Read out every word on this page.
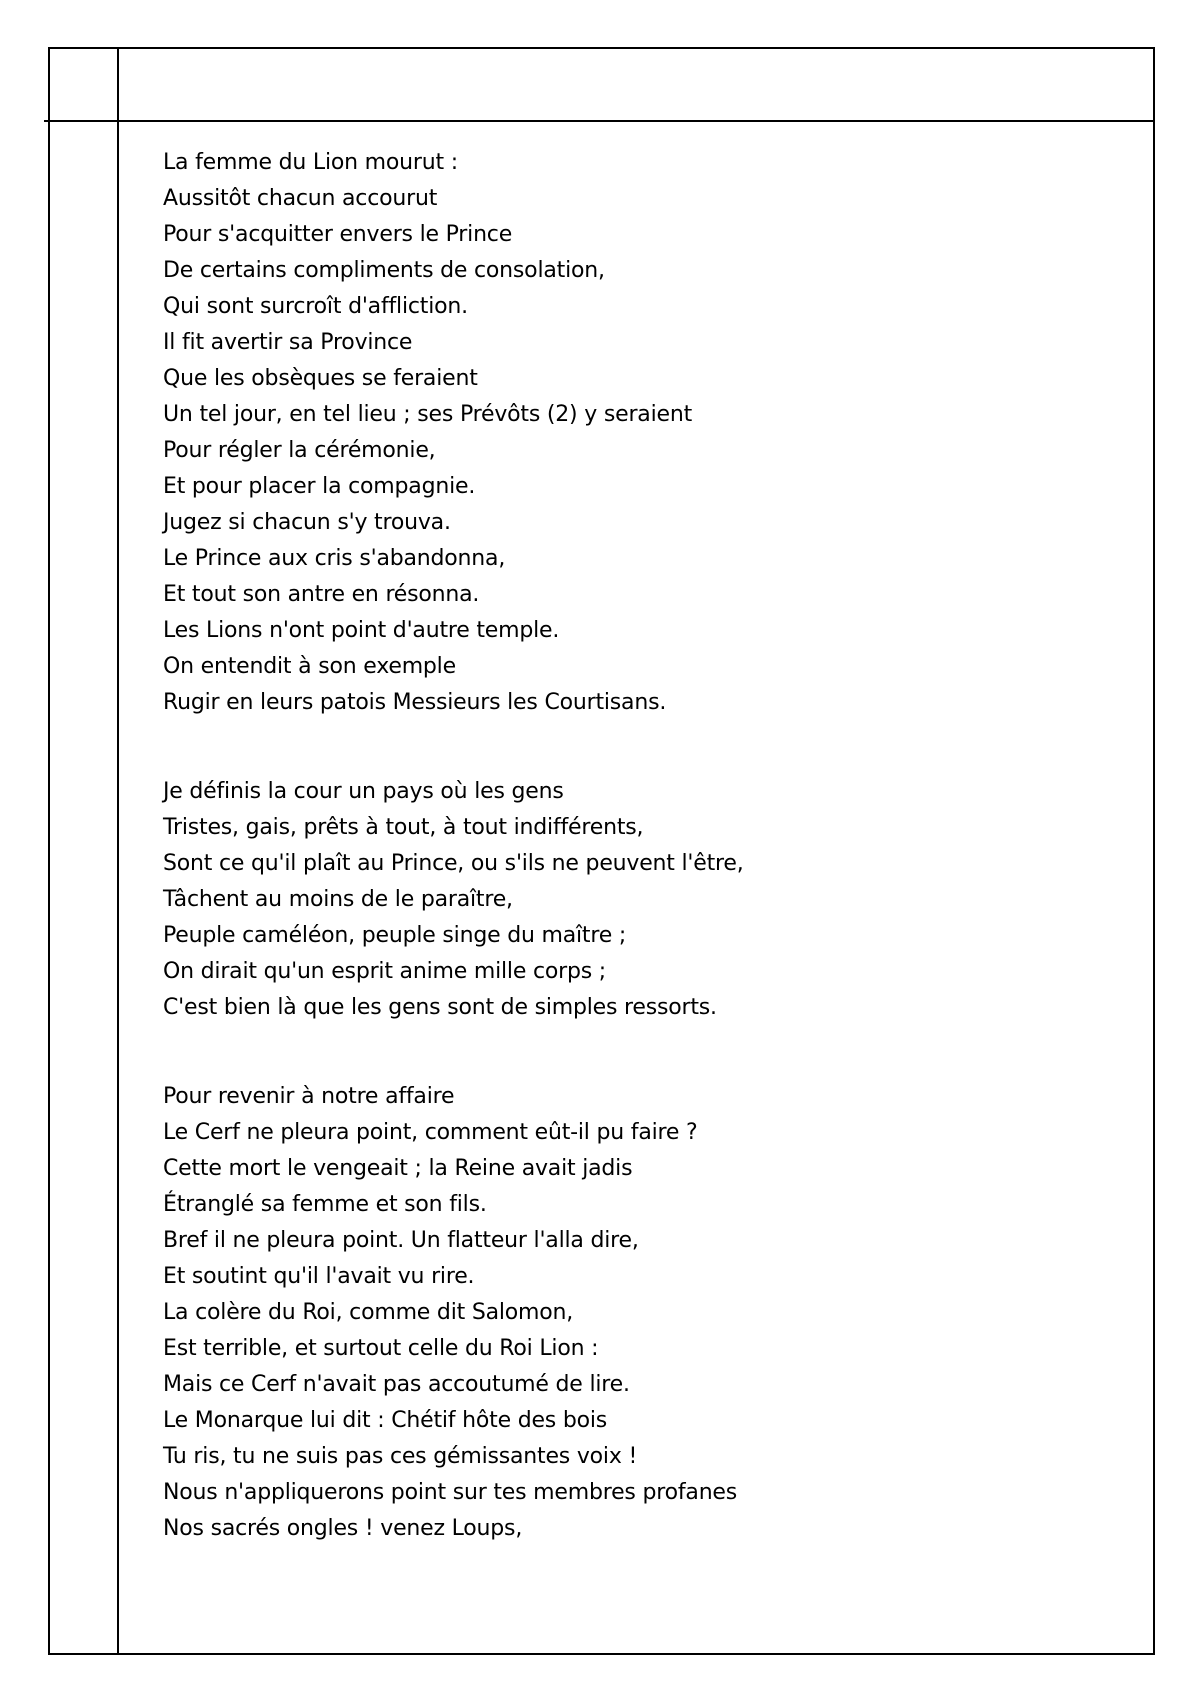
La femme du Lion mourut :
Aussitôt chacun accourut
Pour s'acquitter envers le Prince
De certains compliments de consolation,
Qui sont surcroît d'affliction.
Il fit avertir sa Province
Que les obsèques se feraient
Un tel jour, en tel lieu ; ses Prévôts (2) y seraient
Pour régler la cérémonie,
Et pour placer la compagnie.
Jugez si chacun s'y trouva.
Le Prince aux cris s'abandonna,
Et tout son antre en résonna.
Les Lions n'ont point d'autre temple.
On entendit à son exemple
Rugir en leurs patois Messieurs les Courtisans.
Je définis la cour un pays où les gens
Tristes, gais, prêts à tout, à tout indifférents,
Sont ce qu'il plaît au Prince, ou s'ils ne peuvent l'être,
Tâchent au moins de le paraître,
Peuple caméléon, peuple singe du maître ;
On dirait qu'un esprit anime mille corps ;
C'est bien là que les gens sont de simples ressorts.
Pour revenir à notre affaire
Le Cerf ne pleura point, comment eût-il pu faire ?
Cette mort le vengeait ; la Reine avait jadis
Étranglé sa femme et son fils.
Bref il ne pleura point. Un flatteur l'alla dire,
Et soutint qu'il l'avait vu rire.
La colère du Roi, comme dit Salomon,
Est terrible, et surtout celle du Roi Lion :
Mais ce Cerf n'avait pas accoutumé de lire.
Le Monarque lui dit : Chétif hôte des bois
Tu ris, tu ne suis pas ces gémissantes voix !
Nous n'appliquerons point sur tes membres profanes
Nos sacrés ongles ! venez Loups,
